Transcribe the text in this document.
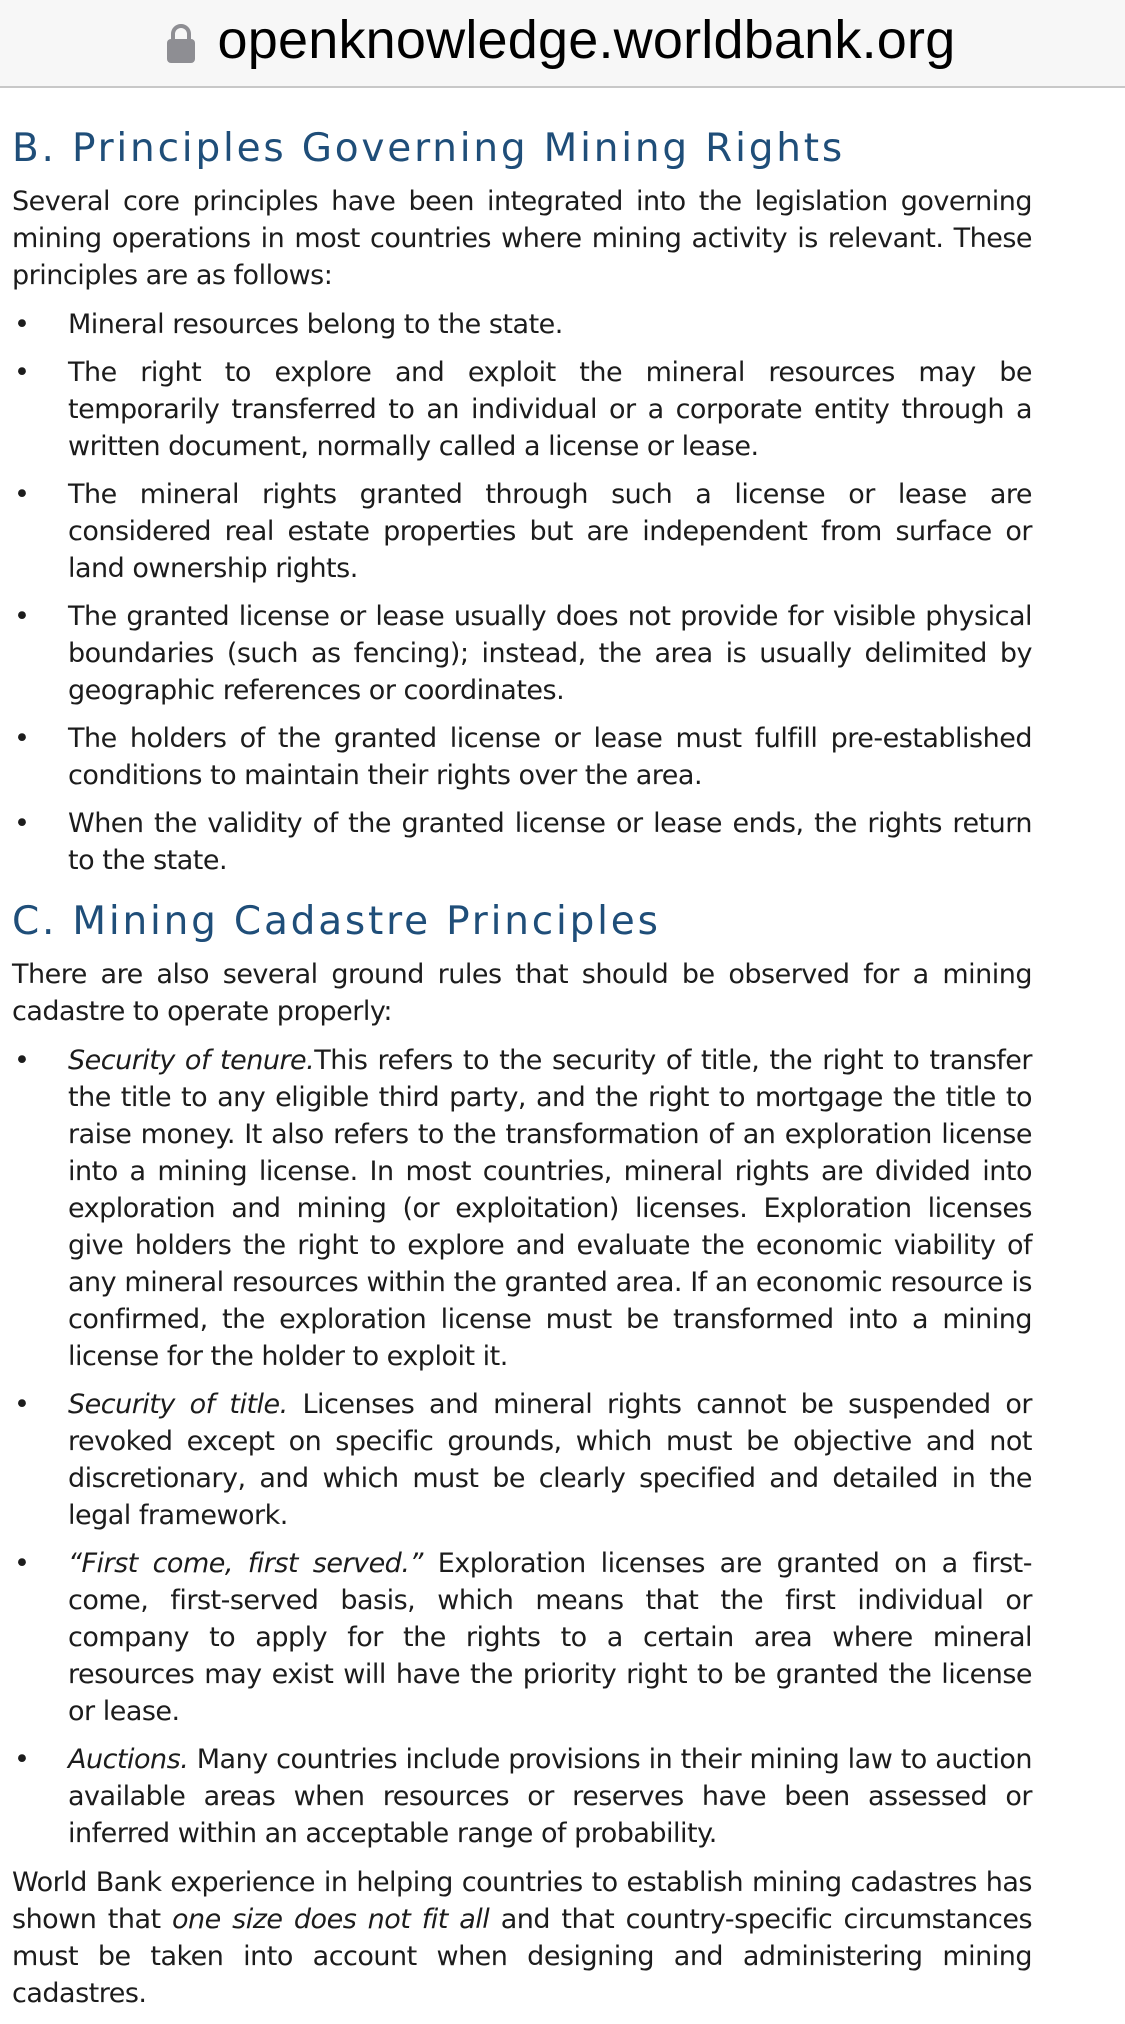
openknowledge.worldbank.org
B. Principles Governing Mining Rights

Several core principles have been integrated into the legislation governing mining operations in most countries where mining activity is relevant. These principles are as follows:

• Mineral resources belong to the state.
• The right to explore and exploit the mineral resources may be temporarily transferred to an individual or a corporate entity through a written document, normally called a license or lease.
• The mineral rights granted through such a license or lease are considered real estate properties but are independent from surface or land ownership rights.
• The granted license or lease usually does not provide for visible physical boundaries (such as fencing); instead, the area is usually delimited by geographic references or coordinates.
• The holders of the granted license or lease must fulfill pre-established conditions to maintain their rights over the area.
• When the validity of the granted license or lease ends, the rights return to the state.
C. Mining Cadastre Principles

There are also several ground rules that should be observed for a mining cadastre to operate properly:

• Security of tenure.This refers to the security of title, the right to transfer the title to any eligible third party, and the right to mortgage the title to raise money. It also refers to the transformation of an exploration license into a mining license. In most countries, mineral rights are divided into exploration and mining (or exploitation) licenses. Exploration licenses give holders the right to explore and evaluate the economic viability of any mineral resources within the granted area. If an economic resource is confirmed, the exploration license must be transformed into a mining license for the holder to exploit it.
• Security of title. Licenses and mineral rights cannot be suspended or revoked except on specific grounds, which must be objective and not discretionary, and which must be clearly specified and detailed in the legal framework.
• “First come, first served.” Exploration licenses are granted on a first-come, first-served basis, which means that the first individual or company to apply for the rights to a certain area where mineral resources may exist will have the priority right to be granted the license or lease.
• Auctions. Many countries include provisions in their mining law to auction available areas when resources or reserves have been assessed or inferred within an acceptable range of probability.

World Bank experience in helping countries to establish mining cadastres has shown that one size does not fit all and that country-specific circumstances must be taken into account when designing and administering mining cadastres.
